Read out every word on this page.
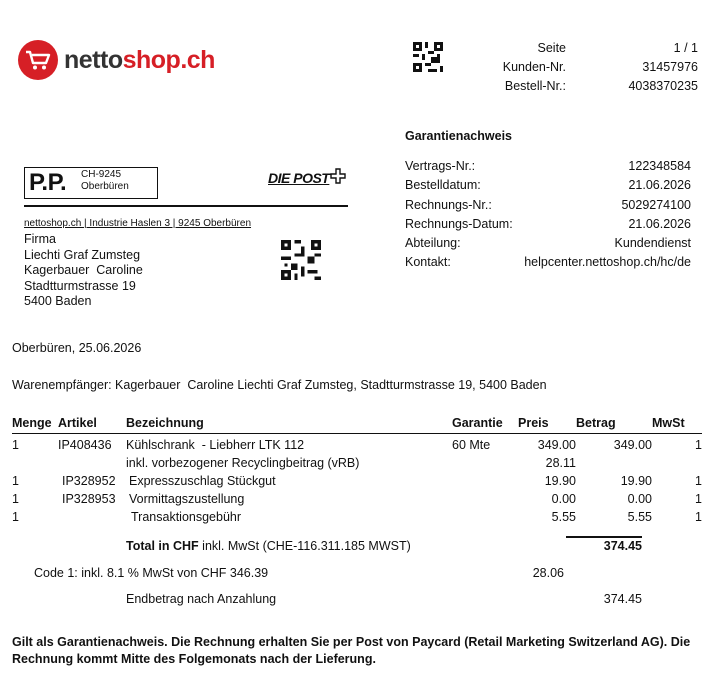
nettoshop.ch	Seite	1 / 1
Kunden-Nr.	31457976
Bestell-Nr.:	4038370235
Garantienachweis
Vertrags-Nr.:	122348584
Bestelldatum:	21.06.2026
Rechnungs-Nr.:	5029274100
Rechnungs-Datum:	21.06.2026
Abteilung:	Kundendienst
Kontakt:	helpcenter.nettoshop.ch/hc/de
P.P. CH-9245
Oberbüren
DIE POST
nettoshop.ch | Industrie Haslen 3 | 9245 Oberbüren
Firma
Liechti Graf Zumsteg
Kagerbauer  Caroline
Stadtturmstrasse 19
5400 Baden
Oberbüren, 25.06.2026
Warenempfänger: Kagerbauer  Caroline Liechti Graf Zumsteg, Stadtturmstrasse 19, 5400 Baden
Menge	Artikel	Bezeichnung	Garantie	Preis	Betrag	MwSt
1	IP408436	Kühlschrank  - Liebherr LTK 112	60 Mte	349.00	349.00	1
		inkl. vorbezogener Recyclingbeitrag (vRB)		28.11		
1	IP328952	Expresszuschlag Stückgut		19.90	19.90	1
1	IP328953	Vormittagszustellung		0.00	0.00	1
1		Transaktionsgebühr		5.55	5.55	1
Total in CHF inkl. MwSt (CHE-116.311.185 MWST)	374.45
Code 1: inkl. 8.1 % MwSt von CHF 346.39	28.06
Endbetrag nach Anzahlung	374.45
Gilt als Garantienachweis. Die Rechnung erhalten Sie per Post von Paycard (Retail Marketing Switzerland AG). Die Rechnung kommt Mitte des Folgemonats nach der Lieferung.
